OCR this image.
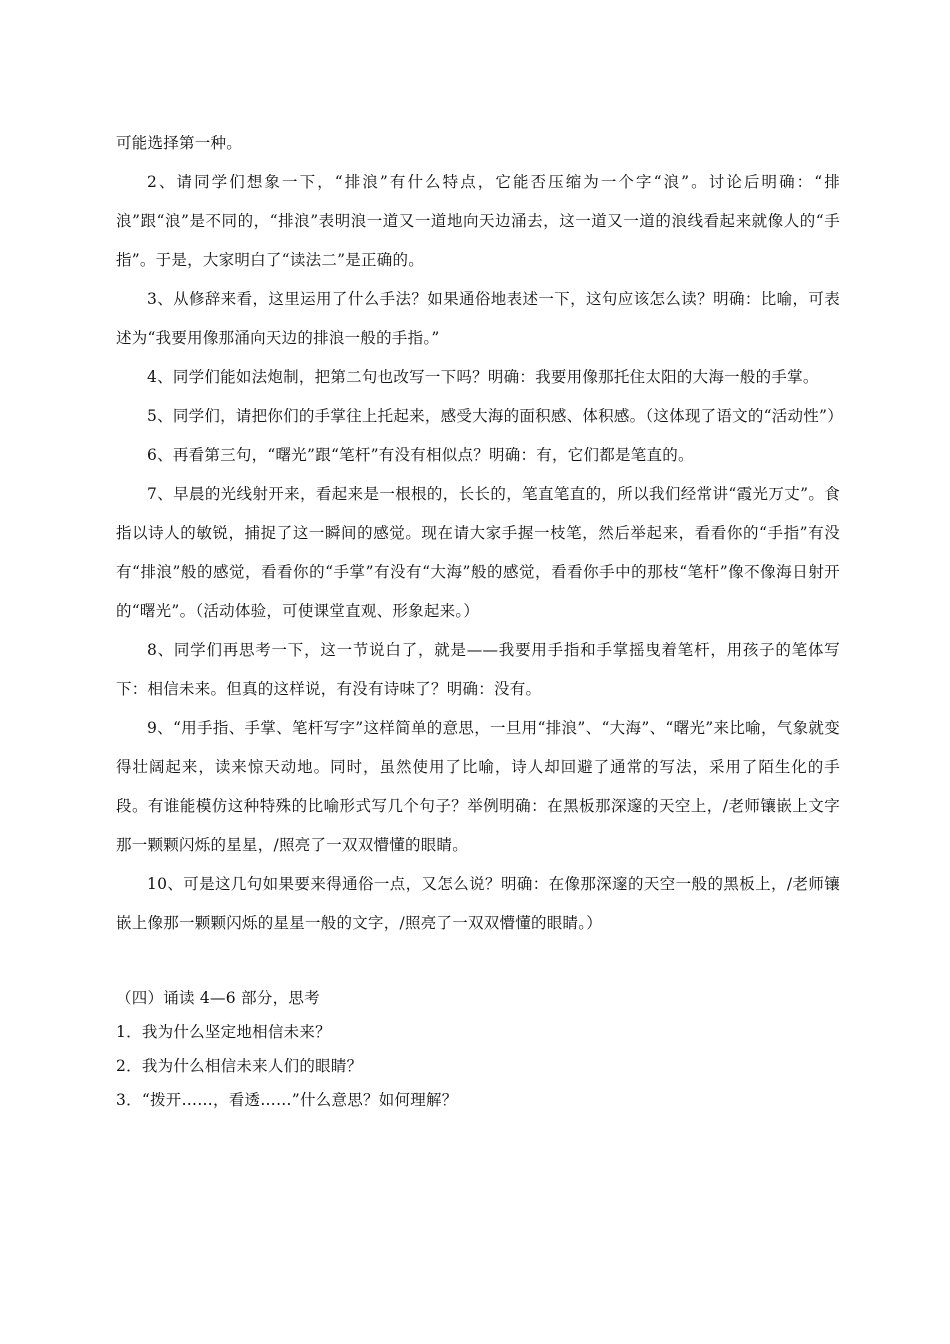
可能选择第一种。

2、请同学们想象一下，“排浪”有什么特点，它能否压缩为一个字“浪”。讨论后明确：“排浪”跟“浪”是不同的，“排浪”表明浪一道又一道地向天边涌去，这一道又一道的浪线看起来就像人的“手指”。于是，大家明白了“读法二”是正确的。

3、从修辞来看，这里运用了什么手法？如果通俗地表述一下，这句应该怎么读？明确：比喻，可表述为“我要用像那涌向天边的排浪一般的手指。”

4、同学们能如法炮制，把第二句也改写一下吗？明确：我要用像那托住太阳的大海一般的手掌。

5、同学们，请把你们的手掌往上托起来，感受大海的面积感、体积感。（这体现了语文的“活动性”）

6、再看第三句，“曙光”跟“笔杆”有没有相似点？明确：有，它们都是笔直的。

7、早晨的光线射开来，看起来是一根根的，长长的，笔直笔直的，所以我们经常讲“霞光万丈”。食指以诗人的敏锐，捕捉了这一瞬间的感觉。现在请大家手握一枝笔，然后举起来，看看你的“手指”有没有“排浪”般的感觉，看看你的“手掌”有没有“大海”般的感觉，看看你手中的那枝“笔杆”像不像海日射开的“曙光”。（活动体验，可使课堂直观、形象起来。）

8、同学们再思考一下，这一节说白了，就是——我要用手指和手掌摇曳着笔杆，用孩子的笔体写下：相信未来。但真的这样说，有没有诗味了？明确：没有。

9、“用手指、手掌、笔杆写字”这样简单的意思，一旦用“排浪”、“大海”、“曙光”来比喻，气象就变得壮阔起来，读来惊天动地。同时，虽然使用了比喻，诗人却回避了通常的写法，采用了陌生化的手段。有谁能模仿这种特殊的比喻形式写几个句子？举例明确：在黑板那深邃的天空上，/老师镶嵌上文字那一颗颗闪烁的星星，/照亮了一双双懵懂的眼睛。

10、可是这几句如果要来得通俗一点，又怎么说？明确：在像那深邃的天空一般的黑板上，/老师镶嵌上像那一颗颗闪烁的星星一般的文字，/照亮了一双双懵懂的眼睛。）

（四）诵读 4—6 部分，思考

1．我为什么坚定地相信未来？

2．我为什么相信未来人们的眼睛？

3．“拨开……，看透……”什么意思？如何理解？
